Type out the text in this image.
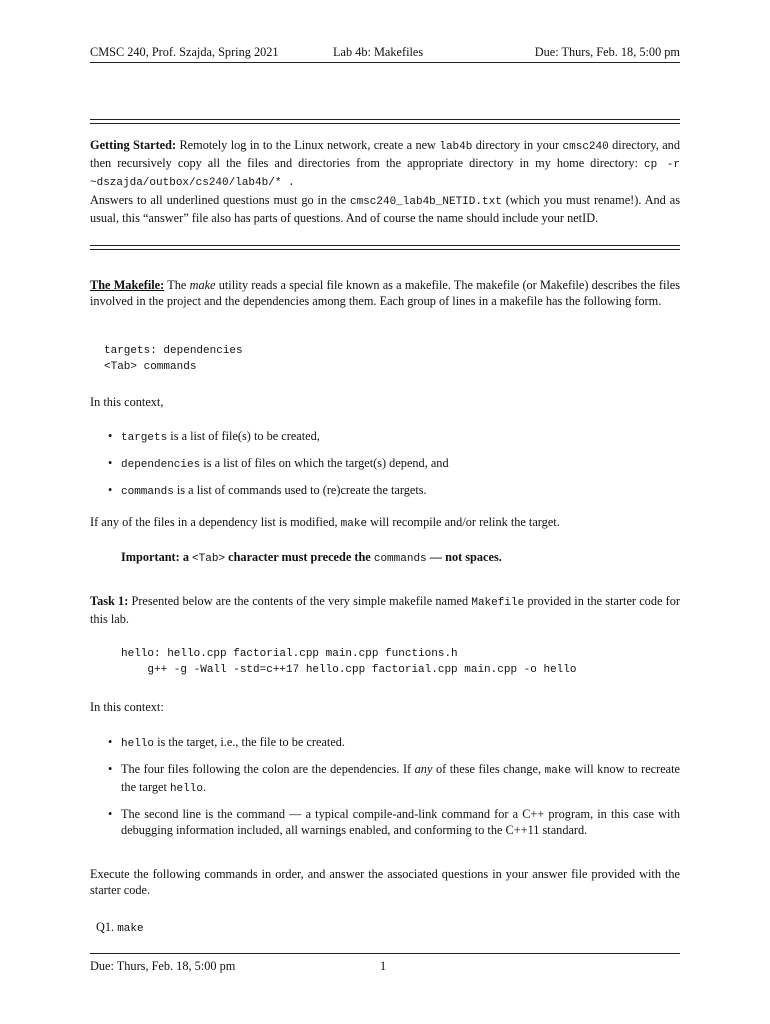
CMSC 240, Prof. Szajda, Spring 2021	Lab 4b: Makefiles	Due: Thurs, Feb. 18, 5:00 pm
Getting Started: Remotely log in to the Linux network, create a new lab4b directory in your cmsc240 directory, and then recursively copy all the files and directories from the appropriate directory in my home directory: cp -r ~dszajda/outbox/cs240/lab4b/* .
Answers to all underlined questions must go in the cmsc240_lab4b_NETID.txt (which you must rename!). And as usual, this “answer” file also has parts of questions. And of course the name should include your netID.
The Makefile: The make utility reads a special file known as a makefile. The makefile (or Makefile) describes the files involved in the project and the dependencies among them. Each group of lines in a makefile has the following form.
targets: dependencies
<Tab> commands
In this context,
• targets is a list of file(s) to be created,
• dependencies is a list of files on which the target(s) depend, and
• commands is a list of commands used to (re)create the targets.
If any of the files in a dependency list is modified, make will recompile and/or relink the target.
Important: a <Tab> character must precede the commands — not spaces.
Task 1: Presented below are the contents of the very simple makefile named Makefile provided in the starter code for this lab.
hello: hello.cpp factorial.cpp main.cpp functions.h
g++ -g -Wall -std=c++17 hello.cpp factorial.cpp main.cpp -o hello
In this context:
• hello is the target, i.e., the file to be created.
• The four files following the colon are the dependencies. If any of these files change, make will know to recreate the target hello.
• The second line is the command — a typical compile-and-link command for a C++ program, in this case with debugging information included, all warnings enabled, and conforming to the C++11 standard.
Execute the following commands in order, and answer the associated questions in your answer file provided with the starter code.
Q1. make
Due: Thurs, Feb. 18, 5:00 pm	1
